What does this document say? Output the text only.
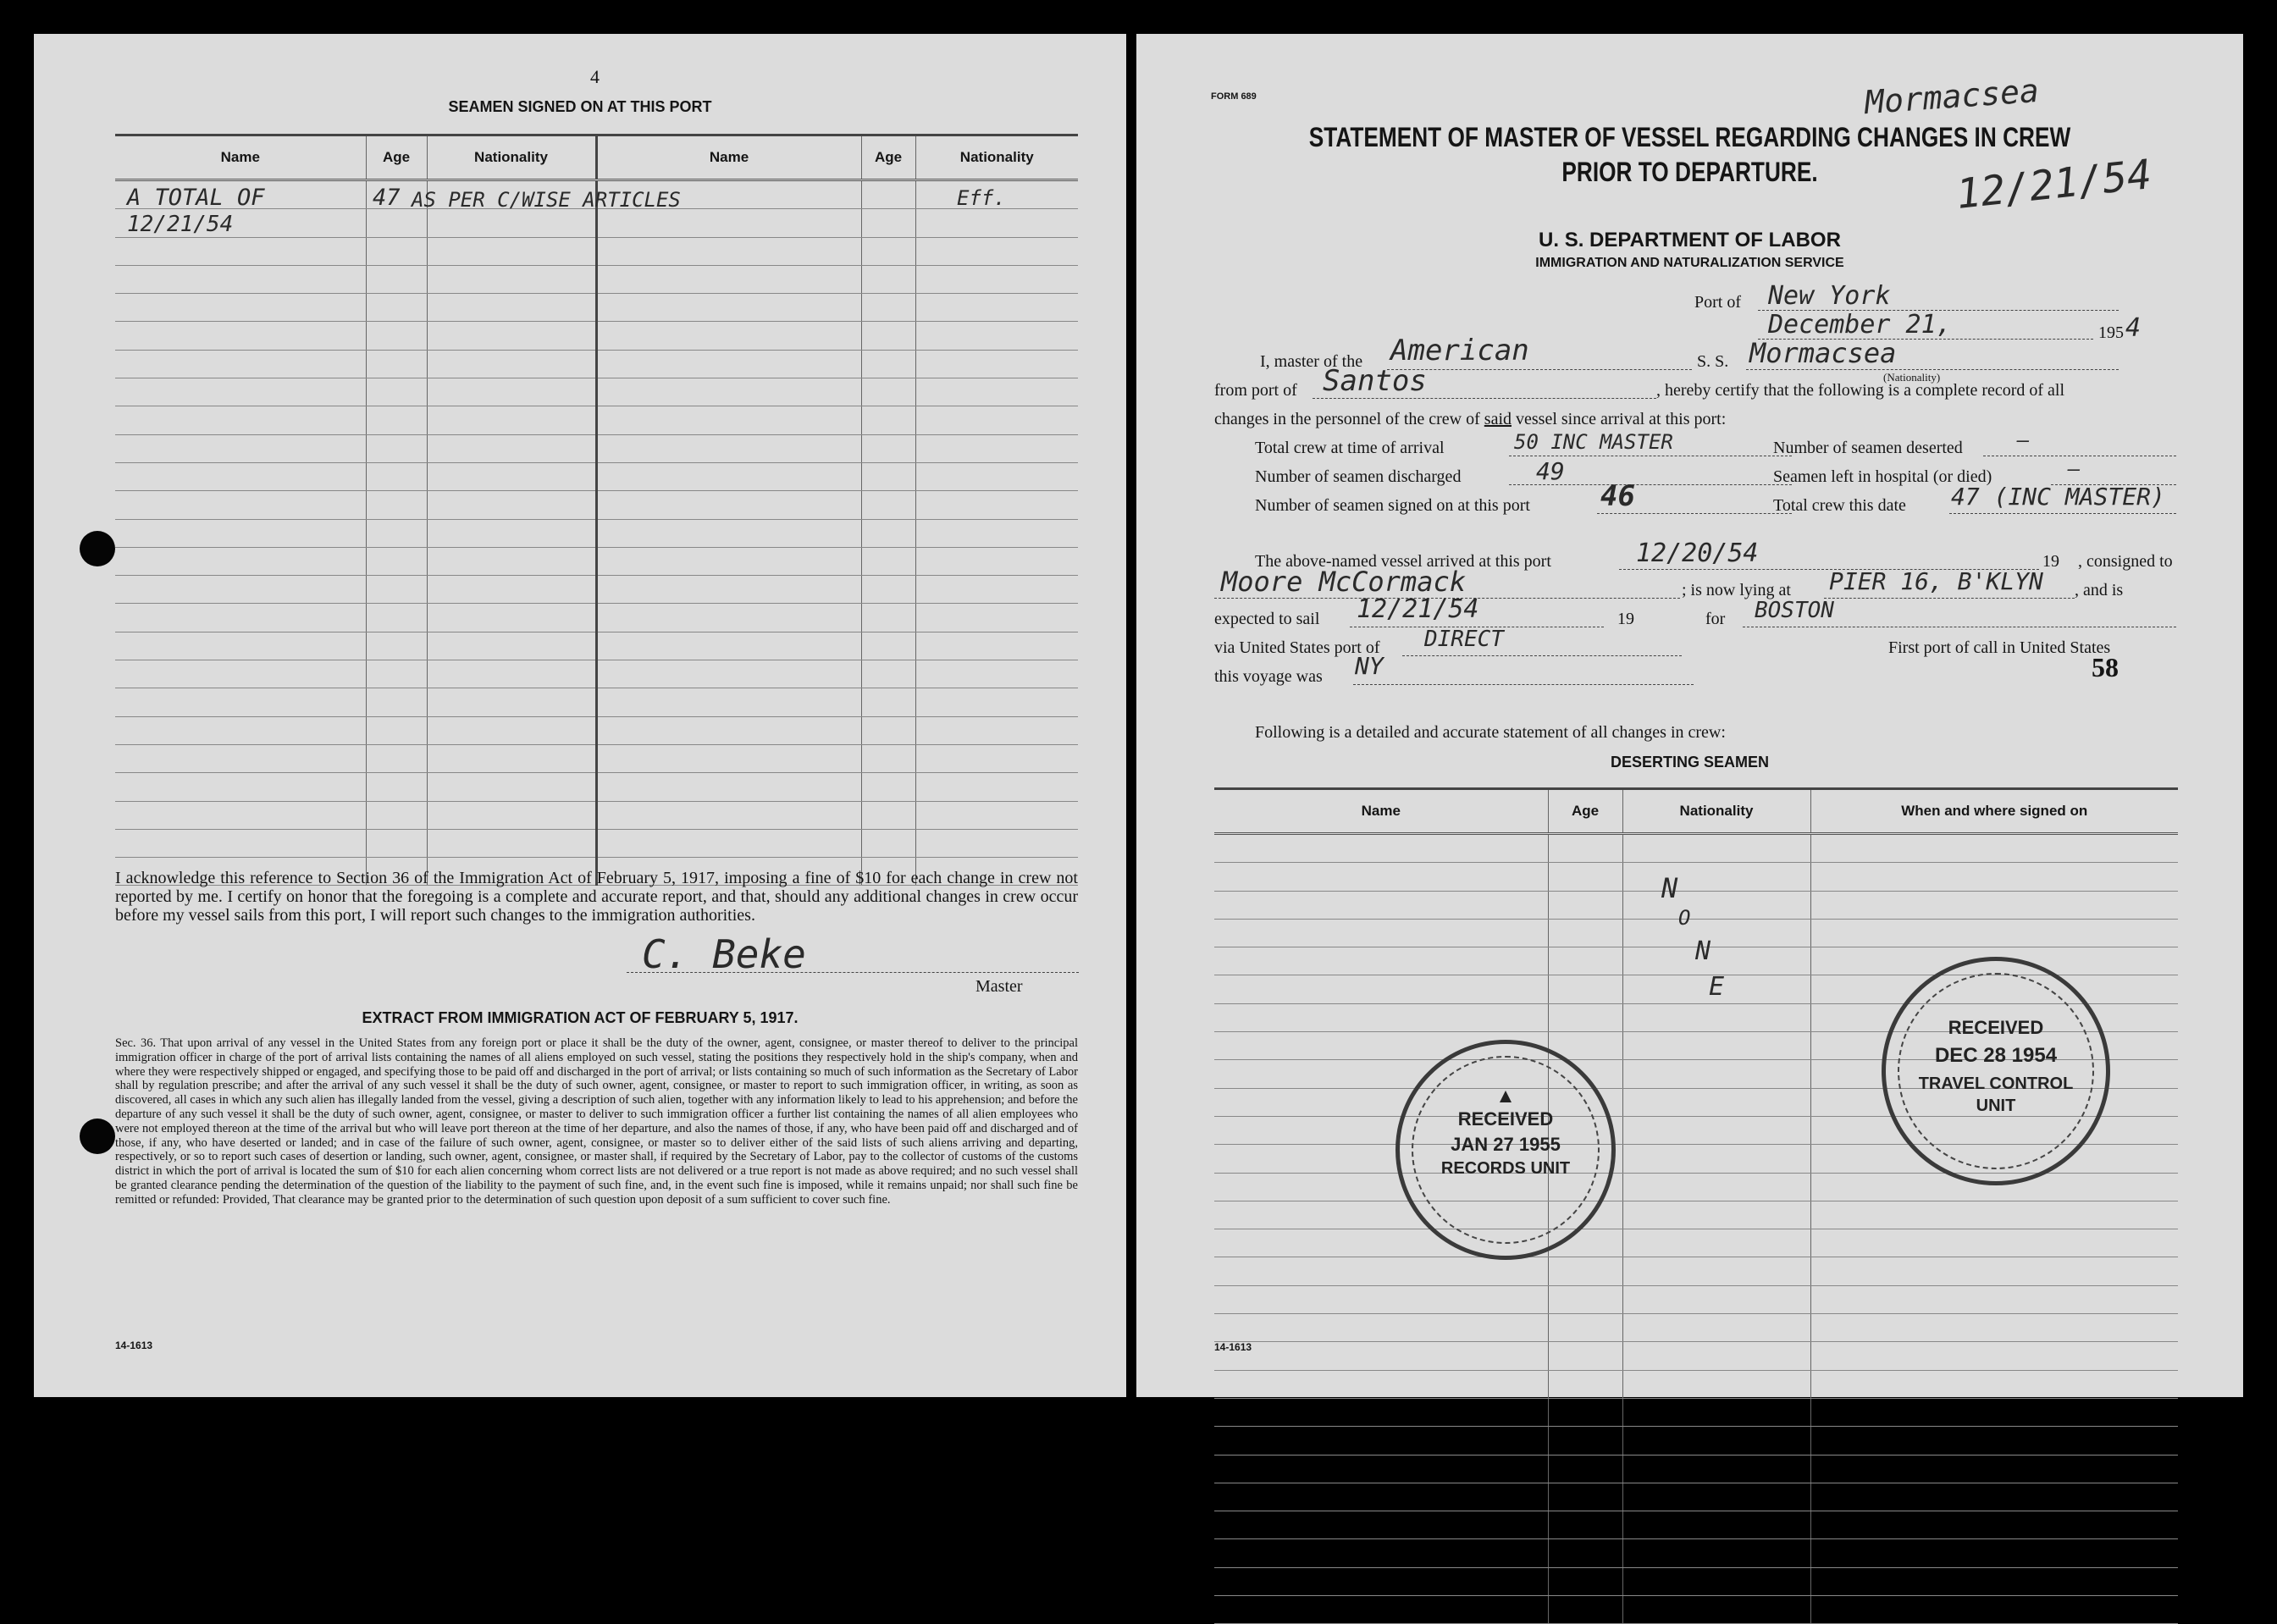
4
SEAMEN SIGNED ON AT THIS PORT
Name	Age	Nationality	Name	Age	Nationality

A TOTAL OF	47 AS PER C/WISE ARTICLES	Eff.
12/21/54
I acknowledge this reference to Section 36 of the Immigration Act of February 5, 1917, imposing a fine of $10 for each change in crew not reported by me. I certify on honor that the foregoing is a complete and accurate report, and that, should any additional changes in crew occur before my vessel sails from this port, I will report such changes to the immigration authorities.
C. Beke
Master
EXTRACT FROM IMMIGRATION ACT OF FEBRUARY 5, 1917.
Sec. 36. That upon arrival of any vessel in the United States from any foreign port or place it shall be the duty of the owner, agent, consignee, or master thereof to deliver to the principal immigration officer in charge of the port of arrival lists containing the names of all aliens employed on such vessel, stating the positions they respectively hold in the ship's company, when and where they were respectively shipped or engaged, and specifying those to be paid off and discharged in the port of arrival; or lists containing so much of such information as the Secretary of Labor shall by regulation prescribe; and after the arrival of any such vessel it shall be the duty of such owner, agent, consignee, or master to report to such immigration officer, in writing, as soon as discovered, all cases in which any such alien has illegally landed from the vessel, giving a description of such alien, together with any information likely to lead to his apprehension; and before the departure of any such vessel it shall be the duty of such owner, agent, consignee, or master to deliver to such immigration officer a further list containing the names of all alien employees who were not employed thereon at the time of the arrival but who will leave port thereon at the time of her departure, and also the names of those, if any, who have been paid off and discharged and of those, if any, who have deserted or landed; and in case of the failure of such owner, agent, consignee, or master so to deliver either of the said lists of such aliens arriving and departing, respectively, or so to report such cases of desertion or landing, such owner, agent, consignee, or master shall, if required by the Secretary of Labor, pay to the collector of customs of the customs district in which the port of arrival is located the sum of $10 for each alien concerning whom correct lists are not delivered or a true report is not made as above required; and no such vessel shall be granted clearance pending the determination of the question of the liability to the payment of such fine, and, in the event such fine is imposed, while it remains unpaid; nor shall such fine be remitted or refunded: Provided, That clearance may be granted prior to the determination of such question upon deposit of a sum sufficient to cover such fine.
14-1613
FORM 689	Mormacsea
12/21/54
STATEMENT OF MASTER OF VESSEL REGARDING CHANGES IN CREW
PRIOR TO DEPARTURE.
U. S. DEPARTMENT OF LABOR
IMMIGRATION AND NATURALIZATION SERVICE
Port of New York
December 21,	195 4
I, master of the American	S. S. Mormacsea
(Nationality)
from port of Santos	, hereby certify that the following is a complete record of all
changes in the personnel of the crew of said vessel since arrival at this port:
Total crew at time of arrival	50 INC MASTER	Number of seamen deserted	—
Number of seamen discharged	49	Seamen left in hospital (or died)	—
Number of seamen signed on at this port 46	Total crew this date 47 (INC MASTER)
The above-named vessel arrived at this port	12/20/54	19 , consigned to
Moore McCormack	; is now lying at PIER 16, B'KLYN , and is
expected to sail 12/21/54	19	for BOSTON
via United States port of DIRECT	First port of call in United States
this voyage was NY	58
Following is a detailed and accurate statement of all changes in crew:
DESERTING SEAMEN
Name	Age	Nationality	When and where signed on

N
O
N
E
▲
RECEIVED
JAN 27 1955
RECORDS UNIT
RECEIVED
DEC 28 1954
TRAVEL CONTROL
UNIT
14-1613
